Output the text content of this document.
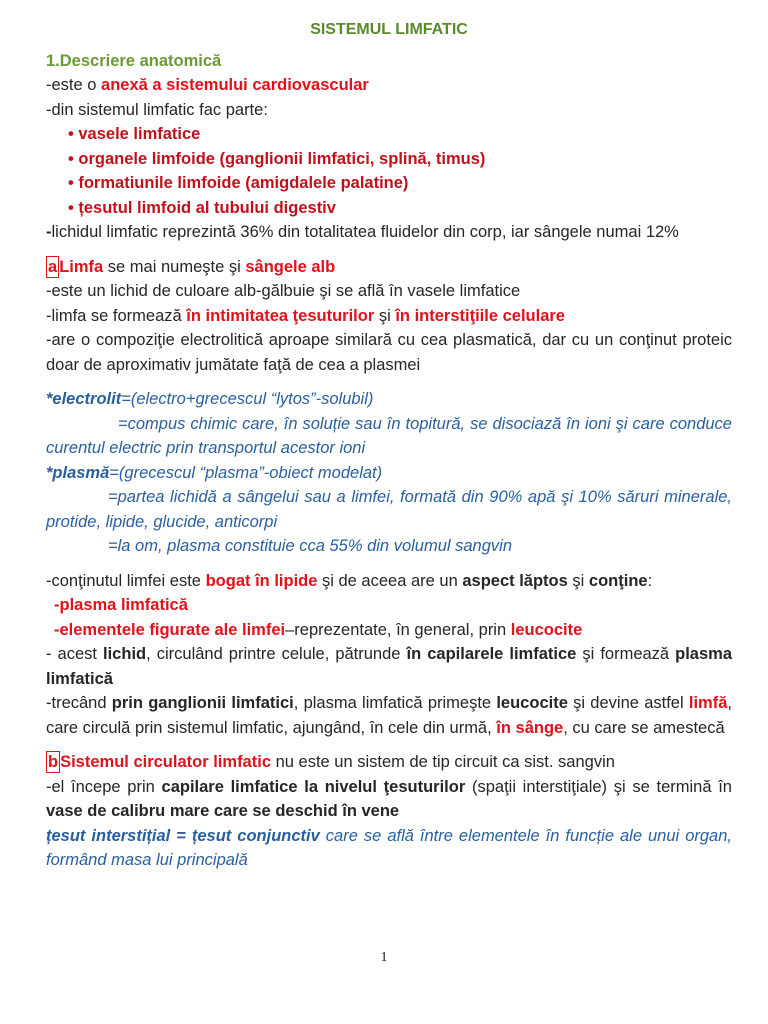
SISTEMUL LIMFATIC
1.Descriere anatomică
-este o anexă a sistemului cardiovascular
-din sistemul limfatic fac parte:
• vasele limfatice
• organele limfoide (ganglionii limfatici, splină, timus)
• formatiunile limfoide (amigdalele palatine)
• țesutul limfoid al tubului digestiv
-lichidul limfatic reprezintă 36% din totalitatea fluidelor din corp, iar sângele numai 12%
a Limfa se mai numeşte şi sângele alb
-este un lichid de culoare alb-gălbuie şi se află în vasele limfatice
-limfa se formează în intimitatea ţesuturilor şi în interstiţiile celulare
-are o compoziţie electrolitică aproape similară cu cea plasmatică, dar cu un conţinut proteic doar de aproximativ jumătate faţă de cea a plasmei
*electrolit=(electro+grecescul “lytos”-solubil)
=compus chimic care, în soluție sau în topitură, se disociază în ioni şi care conduce curentul electric prin transportul acestor ioni
*plasmă=(grecescul “plasma”-obiect modelat)
=partea lichidă a sângelui sau a limfei, formată din 90% apă şi 10% săruri minerale, protide, lipide, glucide, anticorpi
=la om, plasma constituie cca 55% din volumul sangvin
-conţinutul limfei este bogat în lipide şi de aceea are un aspect lăptos şi conţine:
-plasma limfatică
-elementele figurate ale limfei–reprezentate, în general, prin leucocite
- acest lichid, circulând printre celule, pătrunde în capilarele limfatice şi formează plasma limfatică
-trecând prin ganglionii limfatici, plasma limfatică primeşte leucocite şi devine astfel limfă, care circulă prin sistemul limfatic, ajungând, în cele din urmă, în sânge, cu care se amestecă
b Sistemul circulator limfatic nu este un sistem de tip circuit ca sist. sangvin
-el începe prin capilare limfatice la nivelul ţesuturilor (spaţii interstiţiale) şi se termină în vase de calibru mare care se deschid în vene
țesut interstițial = țesut conjunctiv care se află între elementele în funcție ale unui organ, formând masa lui principală
1
